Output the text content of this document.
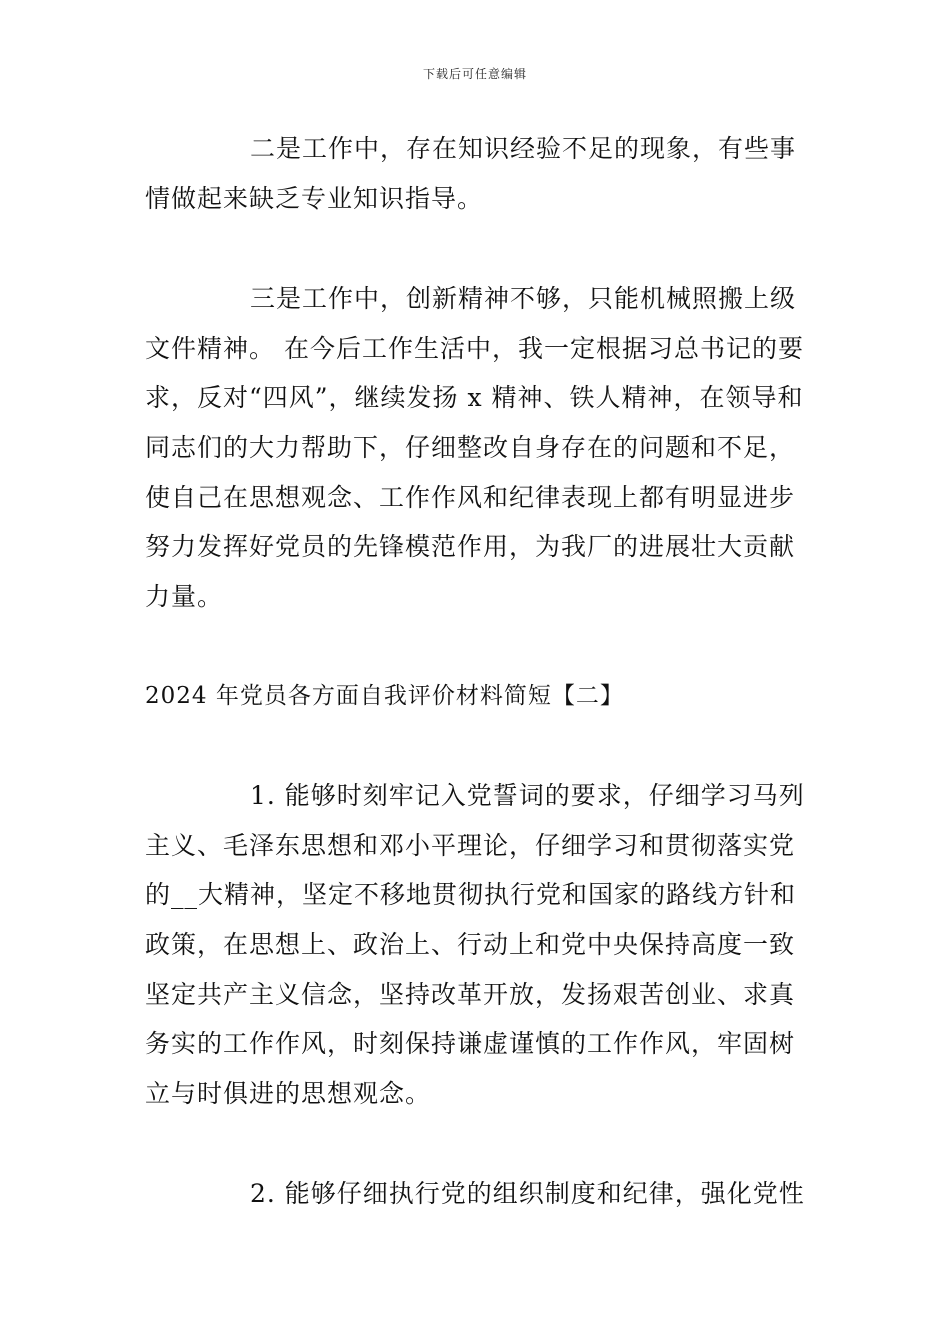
下载后可任意编辑
二是工作中，存在知识经验不足的现象，有些事
情做起来缺乏专业知识指导。
三是工作中，创新精神不够，只能机械照搬上级
文件精神。 在今后工作生活中，我一定根据习总书记的要
求，反对“四风”，继续发扬 x 精神、铁人精神，在领导和
同志们的大力帮助下，仔细整改自身存在的问题和不足，
使自己在思想观念、工作作风和纪律表现上都有明显进步
努力发挥好党员的先锋模范作用，为我厂的进展壮大贡献
力量。
2024 年党员各方面自我评价材料简短【二】
1. 能够时刻牢记入党誓词的要求，仔细学习马列
主义、毛泽东思想和邓小平理论，仔细学习和贯彻落实党
的__大精神，坚定不移地贯彻执行党和国家的路线方针和
政策，在思想上、政治上、行动上和党中央保持高度一致
坚定共产主义信念，坚持改革开放，发扬艰苦创业、求真
务实的工作作风，时刻保持谦虚谨慎的工作作风，牢固树
立与时俱进的思想观念。
2. 能够仔细执行党的组织制度和纪律，强化党性
